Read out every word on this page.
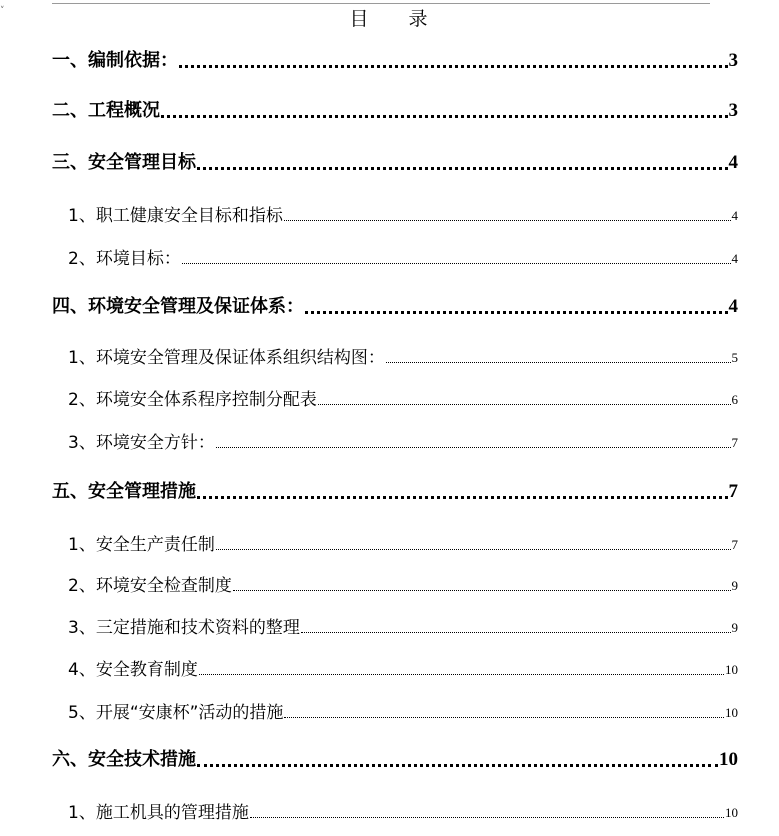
˅	目 录
一、编制依据：	3
二、工程概况	3
三、安全管理目标	4
1、职工健康安全目标和指标	4
2、环境目标：	4
四、环境安全管理及保证体系：	4
1、环境安全管理及保证体系组织结构图：	5
2、环境安全体系程序控制分配表	6
3、环境安全方针：	7
五、安全管理措施	7
1、安全生产责任制	7
2、环境安全检查制度	9
3、三定措施和技术资料的整理	9
4、安全教育制度	10
5、开展“安康杯”活动的措施	10
六、安全技术措施	10
1、施工机具的管理措施	10
